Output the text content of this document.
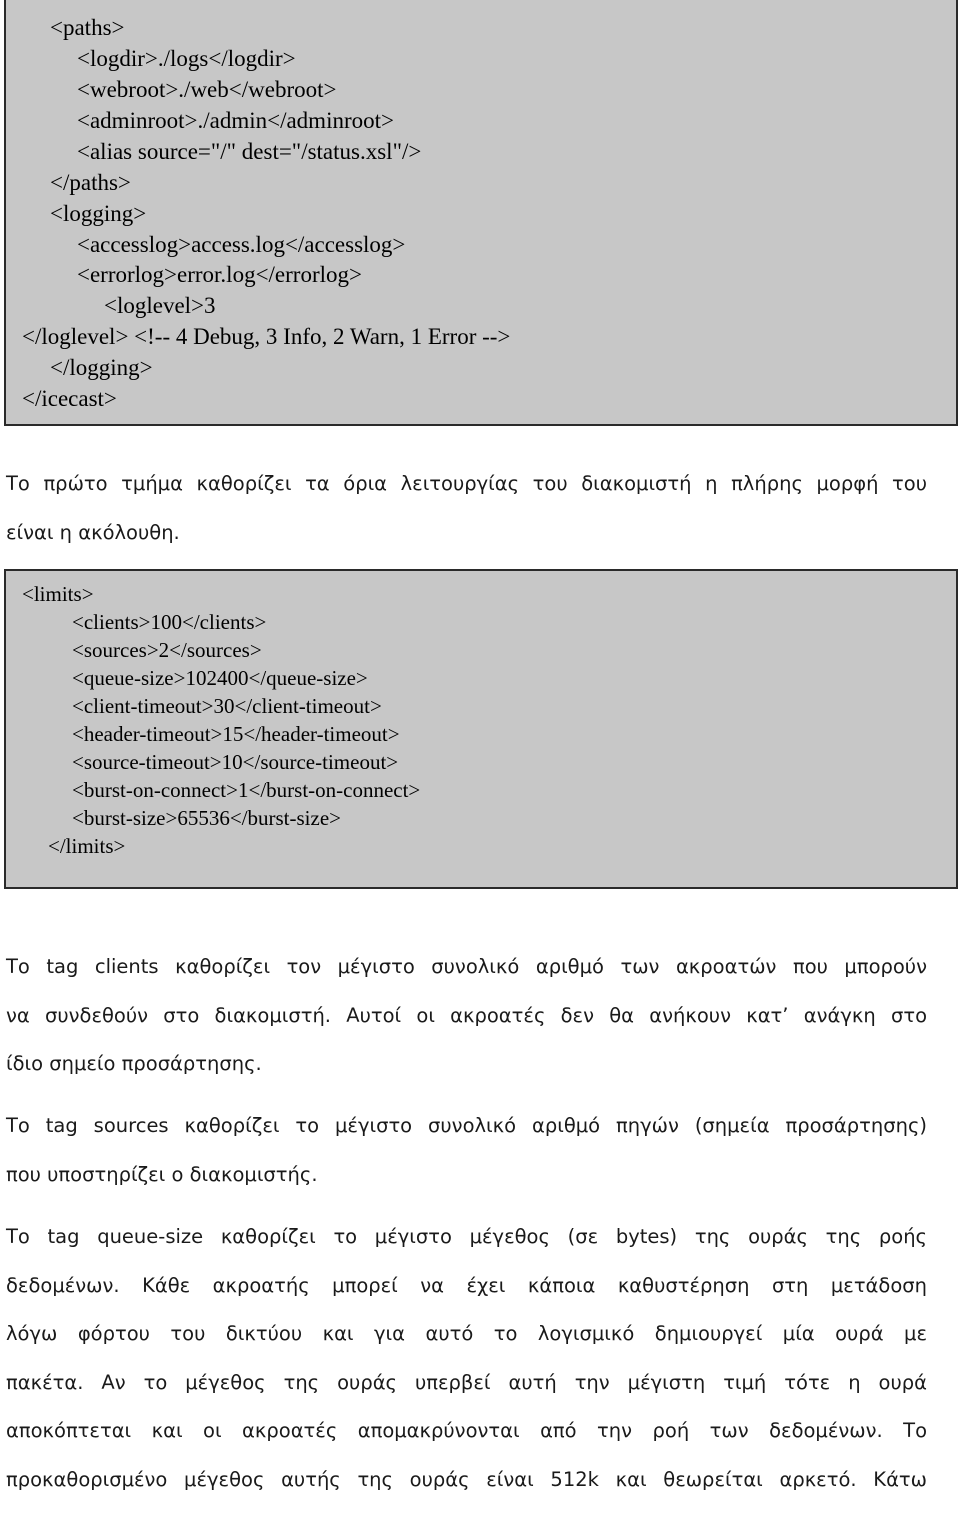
<paths>
<logdir>./logs</logdir>
<webroot>./web</webroot>
<adminroot>./admin</adminroot>
<alias source="/" dest="/status.xsl"/>
</paths>
<logging>
<accesslog>access.log</accesslog>
<errorlog>error.log</errorlog>
<loglevel>3
</loglevel> <!-- 4 Debug, 3 Info, 2 Warn, 1 Error -->
</logging>
</icecast>
Το πρώτο τμήμα καθορίζει τα όρια λειτουργίας του διακομιστή η πλήρης μορφή του
είναι η ακόλουθη.
<limits>
<clients>100</clients>
<sources>2</sources>
<queue-size>102400</queue-size>
<client-timeout>30</client-timeout>
<header-timeout>15</header-timeout>
<source-timeout>10</source-timeout>
<burst-on-connect>1</burst-on-connect>
<burst-size>65536</burst-size>
</limits>
Το tag clients καθορίζει τον μέγιστο συνολικό αριθμό των ακροατών που μπορούν
να συνδεθούν στο διακομιστή. Αυτοί οι ακροατές δεν θα ανήκουν κατ’ ανάγκη στο
ίδιο σημείο προσάρτησης.
Το tag sources καθορίζει το μέγιστο συνολικό αριθμό πηγών (σημεία προσάρτησης)
που υποστηρίζει ο διακομιστής.
Το tag queue-size καθορίζει το μέγιστο μέγεθος (σε bytes) της ουράς της ροής
δεδομένων. Κάθε ακροατής μπορεί να έχει κάποια καθυστέρηση στη μετάδοση
λόγω φόρτου του δικτύου και για αυτό το λογισμικό δημιουργεί μία ουρά με
πακέτα. Αν το μέγεθος της ουράς υπερβεί αυτή την μέγιστη τιμή τότε η ουρά
αποκόπτεται και οι ακροατές απομακρύνονται από την ροή των δεδομένων. Το
προκαθορισμένο μέγεθος αυτής της ουράς είναι 512k και θεωρείται αρκετό. Κάτω
